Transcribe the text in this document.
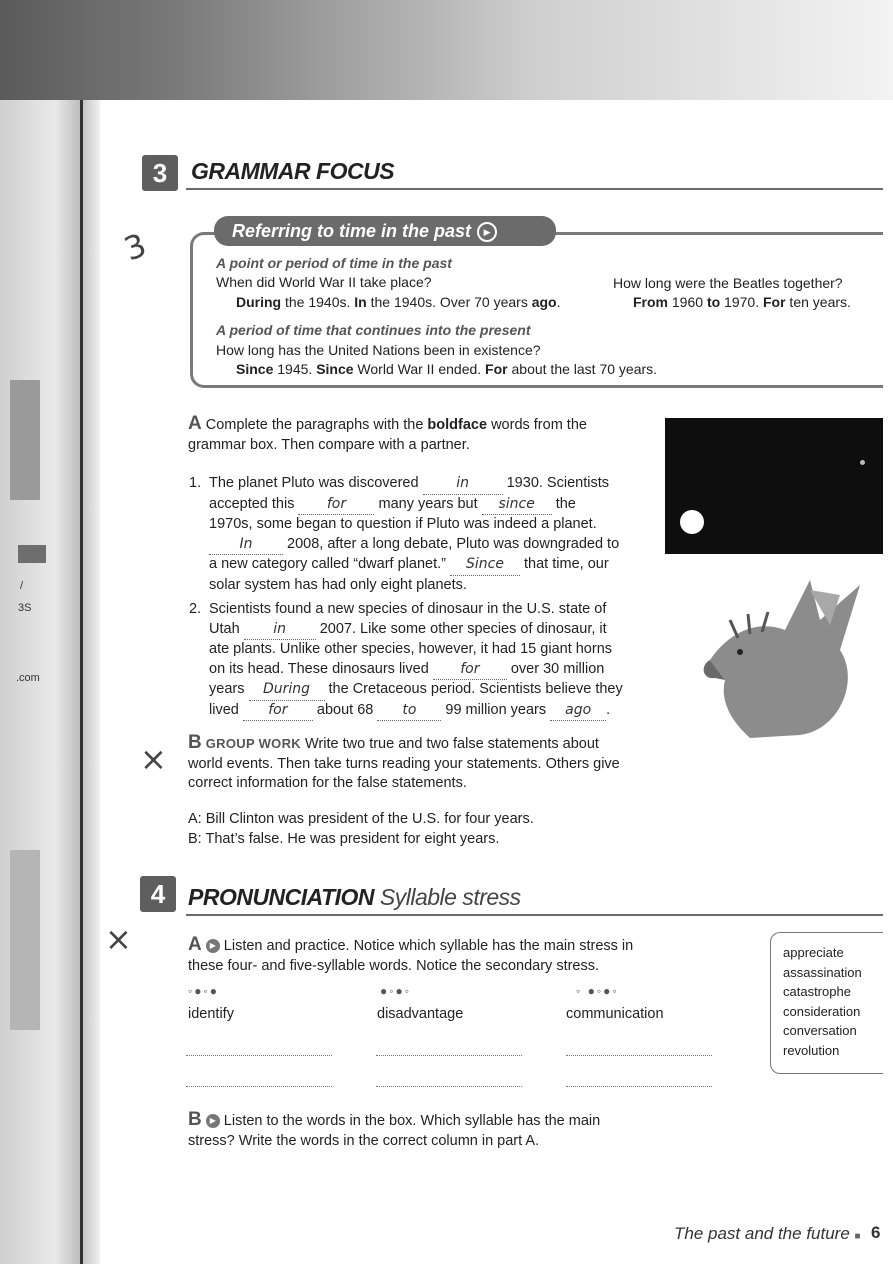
/
3S
.com
3	GRAMMAR FOCUS
Referring to time in the past ▶
A point or period of time in the past
When did World War II take place?
During the 1940s. In the 1940s. Over 70 years ago.
How long were the Beatles together?
From 1960 to 1970. For ten years.
A period of time that continues into the present
How long has the United Nations been in existence?
Since 1945. Since World War II ended. For about the last 70 years.
3
×
×
A Complete the paragraphs with the boldface words from the
grammar box. Then compare with a partner.
1. The planet Pluto was discovered in 1930. Scientists
accepted this for many years but since the
1970s, some began to question if Pluto was indeed a planet.
In 2008, after a long debate, Pluto was downgraded to
a new category called “dwarf planet.” Since that time, our
solar system has had only eight planets.
2. Scientists found a new species of dinosaur in the U.S. state of
Utah in 2007. Like some other species of dinosaur, it
ate plants. Unlike other species, however, it had 15 giant horns
on its head. These dinosaurs lived for over 30 million
years During the Cretaceous period. Scientists believe they
lived for about 68 to 99 million years ago .
B GROUP WORK Write two true and two false statements about
world events. Then take turns reading your statements. Others give
correct information for the false statements.
A: Bill Clinton was president of the U.S. for four years.
B: That’s false. He was president for eight years.
4 PRONUNCIATION Syllable stress
A ▶ Listen and practice. Notice which syllable has the main stress in
these four- and five-syllable words. Notice the secondary stress.
◦●◦●
identify
●◦●◦
disadvantage
◦ ●◦●◦
communication
appreciate
assassination
catastrophe
consideration
conversation
revolution
B ▶ Listen to the words in the box. Which syllable has the main
stress? Write the words in the correct column in part A.
The past and the future ■ 6
